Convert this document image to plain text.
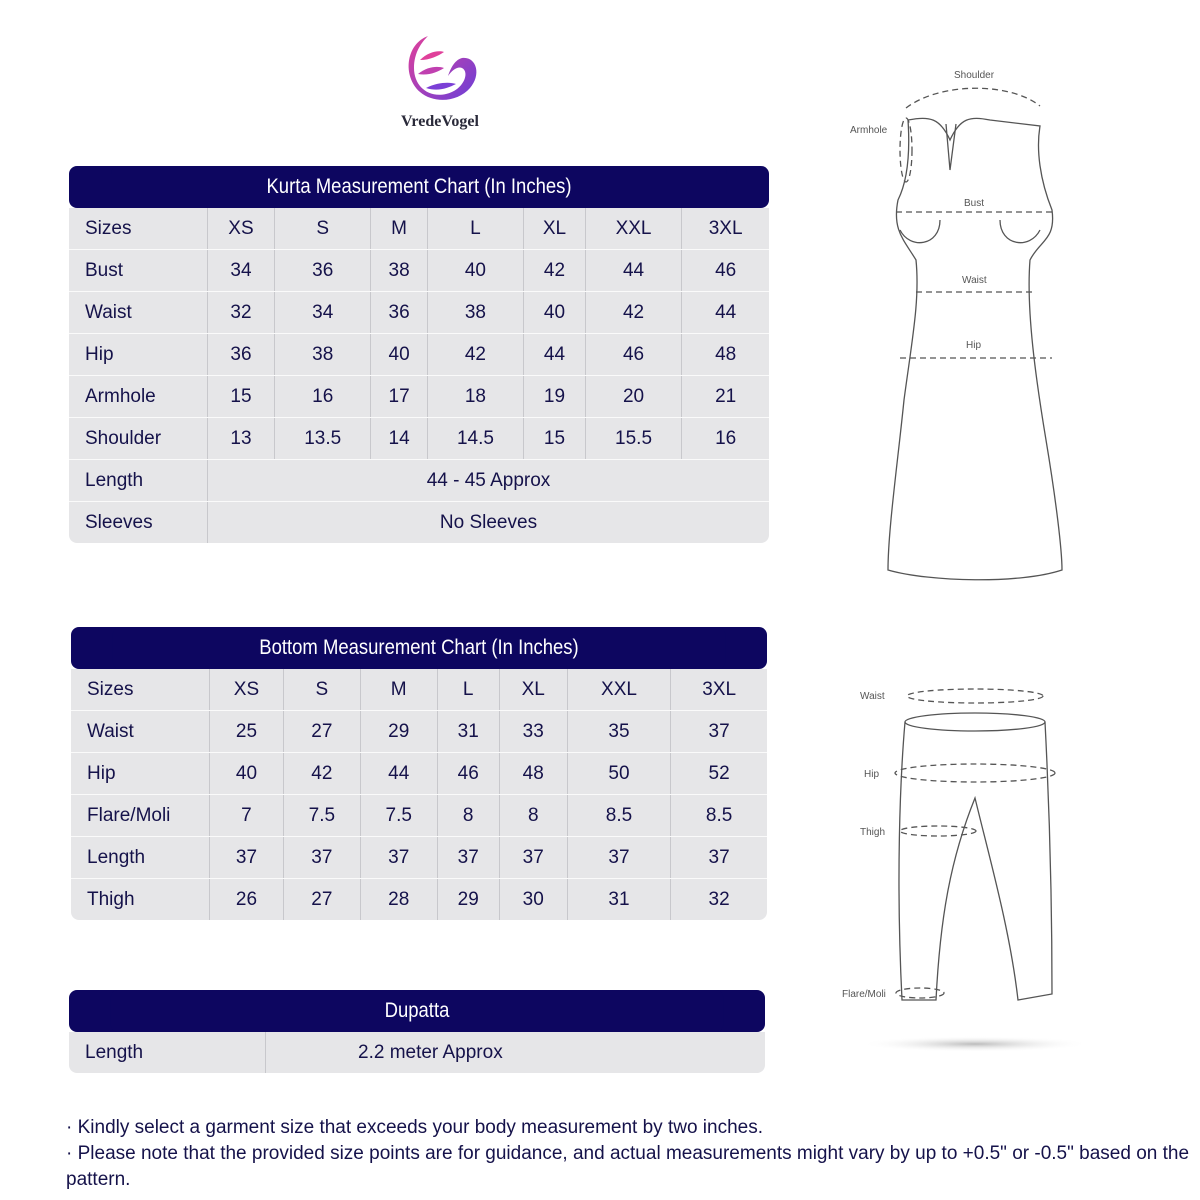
VredeVogel
Kurta Measurement Chart (In Inches)
Sizes	XS	S	M	L	XL	XXL	3XL
Bust	34	36	38	40	42	44	46
Waist	32	34	36	38	40	42	44
Hip	36	38	40	42	44	46	48
Armhole	15	16	17	18	19	20	21
Shoulder	13	13.5	14	14.5	15	15.5	16
Length	44 - 45 Approx						
Sleeves	No Sleeves						
Bottom Measurement Chart (In Inches)
Sizes	XS	S	M	L	XL	XXL	3XL
Waist	25	27	29	31	33	35	37
Hip	40	42	44	46	48	50	52
Flare/Moli	7	7.5	7.5	8	8	8.5	8.5
Length	37	37	37	37	37	37	37
Thigh	26	27	28	29	30	31	32
Dupatta
Length	2.2 meter Approx
Shoulder
Armhole
Bust
Waist
Hip
Waist
Hip
Thigh
Flare/Moli
· Kindly select a garment size that exceeds your body measurement by two inches.
· Please note that the provided size points are for guidance, and actual measurements might vary by up to +0.5" or -0.5" based on the pattern.
